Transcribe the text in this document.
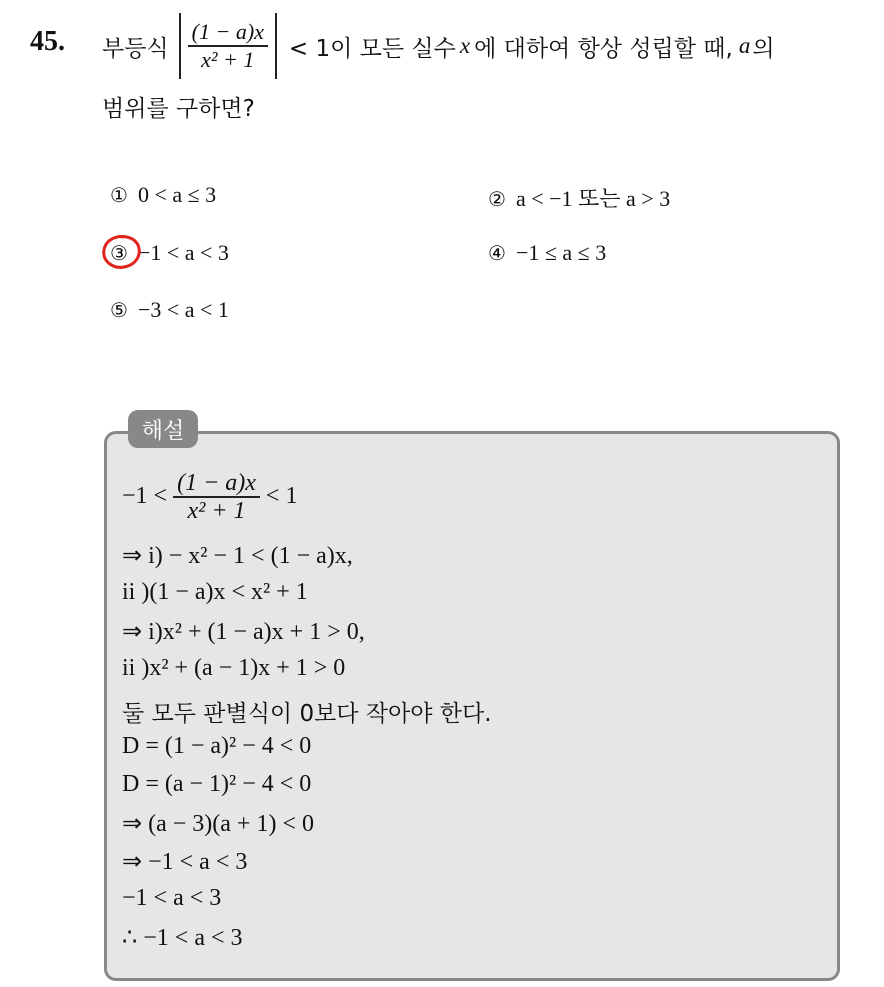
45. 부등식 $\frac{(1 - a)x}{\text{x² + 1}} < 1$이 모든 실수 x 에 대하여 항상 성립할 때, a 의
범위를 구하면?
① 0 < a ≤ 3	② a < −1 또는 a > 3
③ −1 < a < 3	④ −1 ≤ a ≤ 3
⑤ −3 < a < 1
해설
$-1 < \frac{(1 - a)x}{\text{x² + 1}} < 1$
⇒ i) − x² − 1 < (1 − a)x,
ii )(1 − a)x < x² + 1
⇒ i)x² + (1 − a)x + 1 > 0,
ii )x² + (a − 1)x + 1 > 0
둘 모두 판별식이 0보다 작아야 한다.
D = (1 − a)² − 4 < 0
D = (a − 1)² − 4 < 0
⇒ (a − 3)(a + 1) < 0
⇒ −1 < a < 3
−1 < a < 3
∴ −1 < a < 3
